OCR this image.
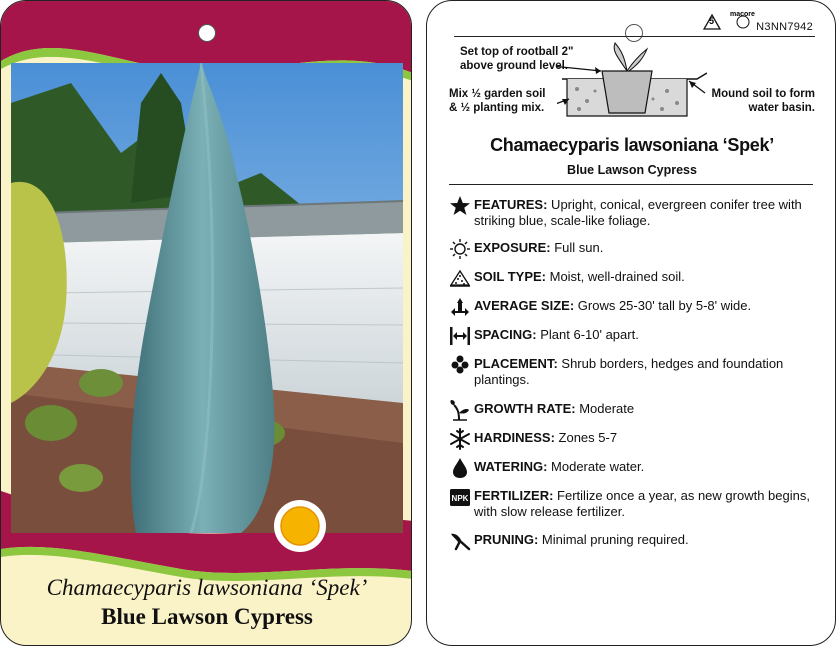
Chamaecyparis lawsoniana ‘Spek’
Blue Lawson Cypress
5
macore
N3NN7942
Set top of rootball 2"
above ground level.
Mix ½ garden soil
& ½ planting mix.
Mound soil to form
water basin.
Chamaecyparis lawsoniana ‘Spek’
Blue Lawson Cypress
FEATURES: Upright, conical, evergreen conifer tree with striking blue, scale-like foliage.
EXPOSURE: Full sun.
SOIL TYPE: Moist, well-drained soil.
AVERAGE SIZE: Grows 25-30' tall by 5-8' wide.
SPACING: Plant 6-10' apart.
PLACEMENT: Shrub borders, hedges and foundation plantings.
GROWTH RATE: Moderate
HARDINESS: Zones 5-7
WATERING: Moderate water.
NPK FERTILIZER: Fertilize once a year, as new growth begins, with slow release fertilizer.
PRUNING: Minimal pruning required.
